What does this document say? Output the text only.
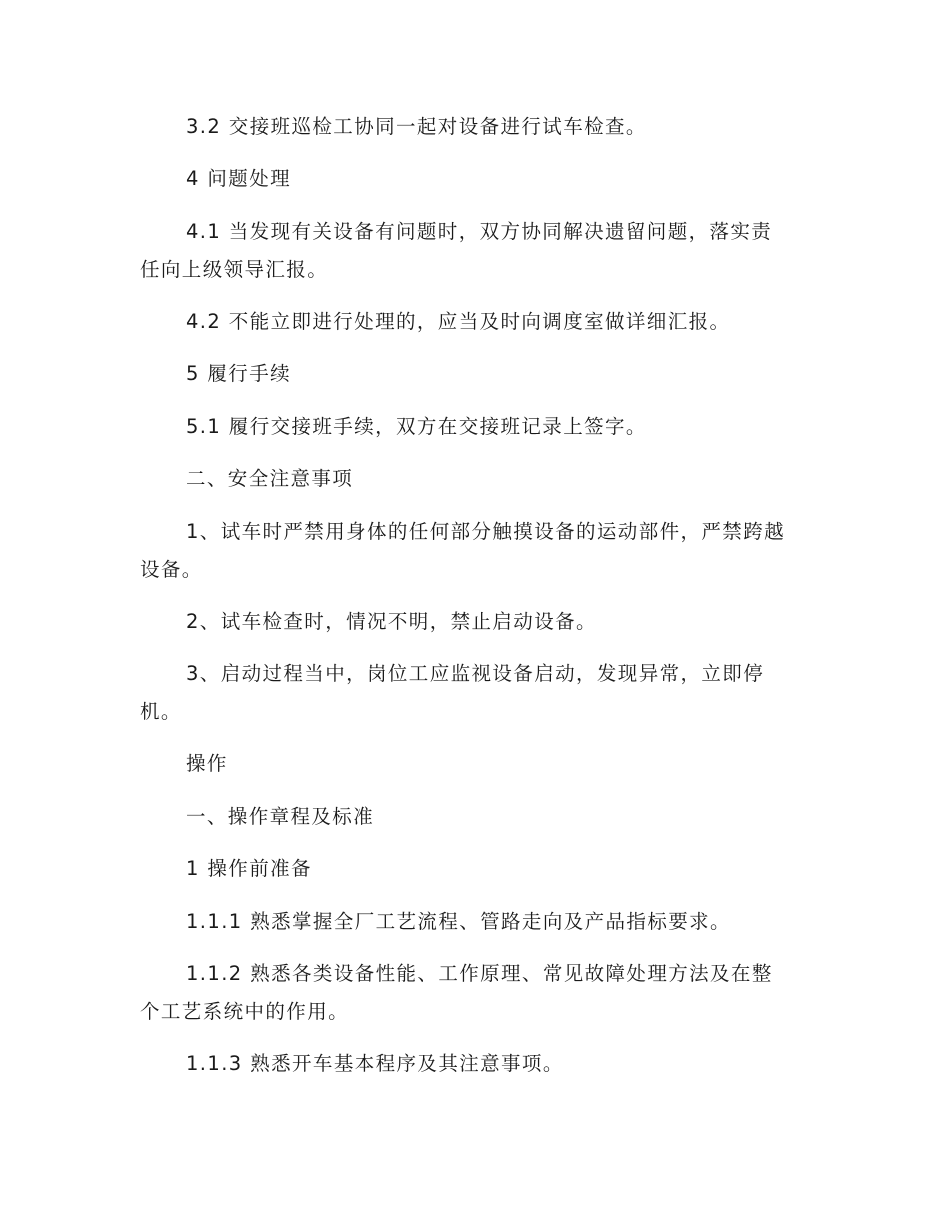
3.2 交接班巡检工协同一起对设备进行试车检查。
4 问题处理
4.1 当发现有关设备有问题时，双方协同解决遗留问题，落实责
任向上级领导汇报。
4.2 不能立即进行处理的，应当及时向调度室做详细汇报。
5 履行手续
5.1 履行交接班手续，双方在交接班记录上签字。
二、安全注意事项
1、试车时严禁用身体的任何部分触摸设备的运动部件，严禁跨越
设备。
2、试车检查时，情况不明，禁止启动设备。
3、启动过程当中，岗位工应监视设备启动，发现异常，立即停
机。
操作
一、操作章程及标准
1 操作前准备
1.1.1 熟悉掌握全厂工艺流程、管路走向及产品指标要求。
1.1.2 熟悉各类设备性能、工作原理、常见故障处理方法及在整
个工艺系统中的作用。
1.1.3 熟悉开车基本程序及其注意事项。
